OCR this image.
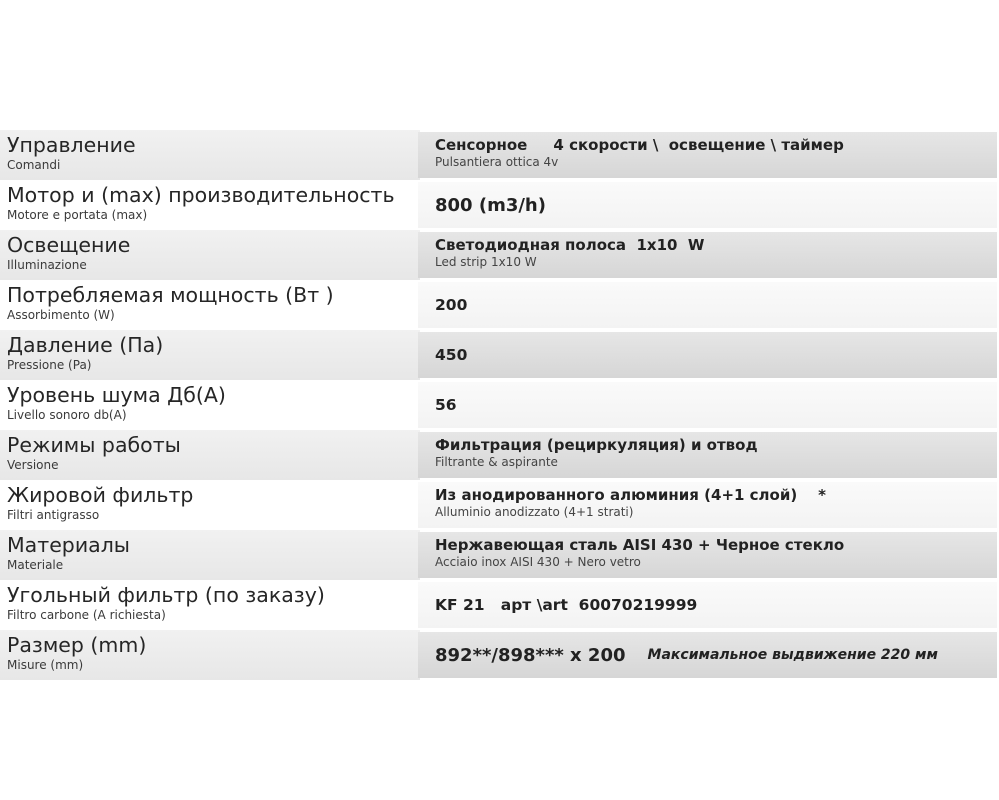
Управление
Comandi
Сенсорное     4 скорости \  освещение \ таймер
Pulsantiera ottica 4v
Мотор и (max) производительность
Motore e portata (max)	800 (m3/h)
Освещение
Illuminazione
Светодиодная полоса  1x10  W
Led strip 1x10 W
Потребляемая мощность (Вт )
Assorbimento (W)
200
Давление (Па)
Pressione (Pa)
450
Уровень шума Дб(А)
Livello sonoro db(A)
56
Режимы работы
Versione
Фильтрация (рециркуляция) и отвод
Filtrante & aspirante
Жировой фильтр
Filtri antigrasso
Из анодированного алюминия (4+1 слой)    *
Alluminio anodizzato (4+1 strati)
Материалы
Materiale
Нержавеющая сталь AISI 430 + Черное стекло
Acciaio inox AISI 430 + Nero vetro
Угольный фильтр (по заказу)
Filtro carbone (A richiesta)
KF 21   арт \art  60070219999
Размер (mm)
Misure (mm)	892**/898*** x 200 Максимальное выдвижение 220 мм
